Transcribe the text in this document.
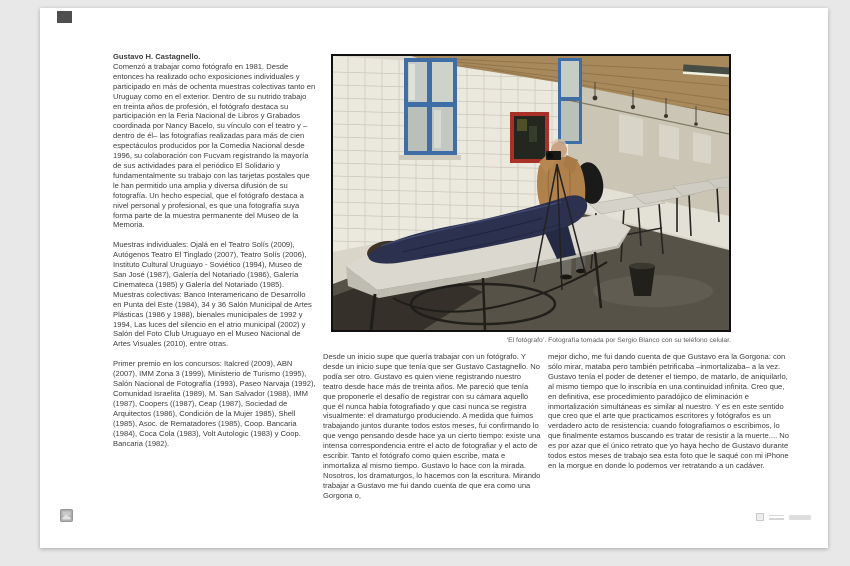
Gustavo H. Castagnello.
Comenzó a trabajar como fotógrafo en 1981. Desde entonces ha realizado ocho exposiciones individuales y participado en más de ochenta muestras colectivas tanto en Uruguay como en el exterior. Dentro de su nutrido trabajo en treinta años de profesión, el fotógrafo destaca su participación en la Feria Nacional de Libros y Grabados coordinada por Nancy Bacelo, su vínculo con el teatro y –dentro de él– las fotografías realizadas para más de cien espectáculos producidos por la Comedia Nacional desde 1996, su colaboración con Fucvam registrando la mayoría de sus actividades para el periódico El Solidario y fundamentalmente su trabajo con las tarjetas postales que le han permitido una amplia y diversa difusión de su fotografía. Un hecho especial, que el fotógrafo destaca a nivel personal y profesional, es que una fotografía suya forma parte de la muestra permanente del Museo de la Memoria.
Muestras individuales: Ojalá en el Teatro Solís (2009), Autógenos Teatro El Tinglado (2007), Teatro Solís (2006), Instituto Cultural Uruguayo - Soviético (1994), Museo de San José (1987), Galería del Notariado (1986), Galería Cinemateca (1985) y Galería del Notariado (1985). Muestras colectivas: Banco Interamericano de Desarrollo en Punta del Este (1984), 34 y 36 Salón Municipal de Artes Plásticas (1986 y 1988), bienales municipales de 1992 y 1994, Las luces del silencio en el atrio municipal (2002) y Salón del Foto Club Uruguayo en el Museo Nacional de Artes Visuales (2010), entre otras.
Primer premio en los concursos: Italcred (2009), ABN (2007), IMM Zona 3 (1999), Ministerio de Turismo (1995), Salón Nacional de Fotografía (1993), Paseo Narvaja (1992), Comunidad Israelita (1989), M. San Salvador (1988), IMM (1987), Coopers ((1987), Ceap (1987), Sociedad de Arquitectos (1986), Condición de la Mujer 1985), Shell (1985), Asoc. de Rematadores (1985), Coop. Bancaria (1984), Coca Cola (1983), Volt Autologic (1983) y Coop. Bancaria (1982).
‘El fotógrafo’. Fotografía tomada por Sergio Blanco con su teléfono celular.
Desde un inicio supe que quería trabajar con un fotógrafo. Y desde un inicio supe que tenía que ser Gustavo Castagnello. No podía ser otro. Gustavo es quien viene registrando nuestro teatro desde hace más de treinta años. Me pareció que tenía que proponerle el desafío de registrar con su cámara aquello que él nunca había fotografiado y que casi nunca se registra visualmente: el dramaturgo produciendo. A medida que fuimos trabajando juntos durante todos estos meses, fui confirmando lo que vengo pensando desde hace ya un cierto tiempo: existe una intensa correspondencia entre el acto de fotografiar y el acto de escribir. Tanto el fotógrafo como quien escribe, mata e inmortaliza al mismo tiempo. Gustavo lo hace con la mirada. Nosotros, los dramaturgos, lo hacemos con la escritura. Mirando trabajar a Gustavo me fui dando cuenta de que era como una Gorgona o,
mejor dicho, me fui dando cuenta de que Gustavo era la Gorgona: con sólo mirar, mataba pero también petrificaba –inmortalizaba– a la vez. Gustavo tenía el poder de detener el tiempo, de matarlo, de aniquilarlo, al mismo tiempo que lo inscribía en una continuidad infinita. Creo que, en definitiva, ese procedimiento paradójico de eliminación e inmortalización simultáneas es similar al nuestro. Y es en este sentido que creo que el arte que practicamos escritores y fotógrafos es un verdadero acto de resistencia: cuando fotografiamos o escribimos, lo que finalmente estamos buscando es tratar de resistir a la muerte.... No es por azar que el único retrato que yo haya hecho de Gustavo durante todos estos meses de trabajo sea esta foto que le saqué con mi iPhone en la morgue en donde lo podemos ver retratando a un cadáver.
